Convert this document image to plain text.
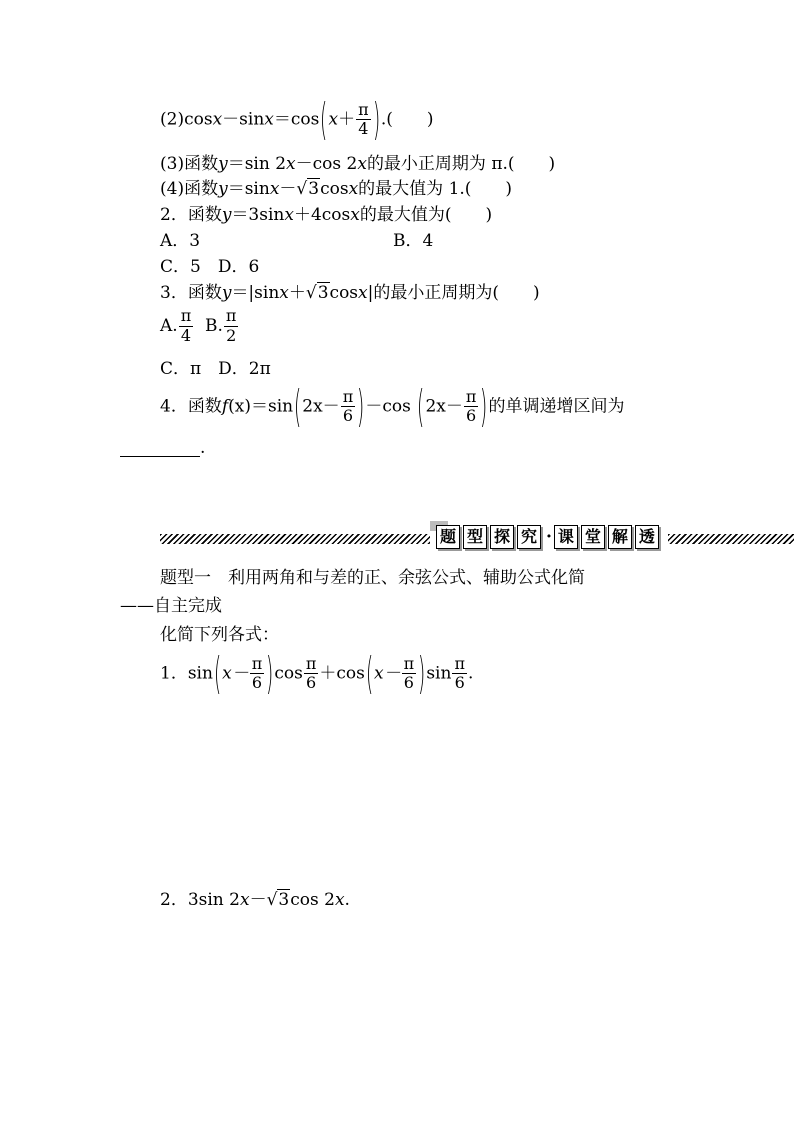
$(2)\cos x-\sin x=\cos(x+ \frac{\pi}{4}$ ).(　　)
(3)函数y＝sin 2x－cos 2x的最小正周期为 π.(　　)
(4)函数y＝sinx－√3cosx的最大值为 1.(　　)
2．函数y＝3sinx＋4cosx的最大值为(　　)
A．3	B．4
C．5　D．6
3．函数y＝|sinx＋√3cosx|的最小正周期为(　　)
A. $\frac{\pi}{4} B$. $\frac{\pi}{2}$
C．π　D．2π
4．函数$f(x)=\sin(2x- \frac{\pi}{6} )-\cos$ ($2x- \frac{\pi}{6}$ )的单调递增区间为
.
题 型 探 究 · 课 堂 解 透
题型一　利用两角和与差的正、余弦公式、辅助公式化简
——自主完成
化简下列各式：
1．$\sin(x- \frac{\pi}{6} )\cos \frac{\pi}{6} +\cos(x- \frac{\pi}{6} )\sin \frac{\pi}{6}$ .
2．3sin 2x－√3cos 2x.
